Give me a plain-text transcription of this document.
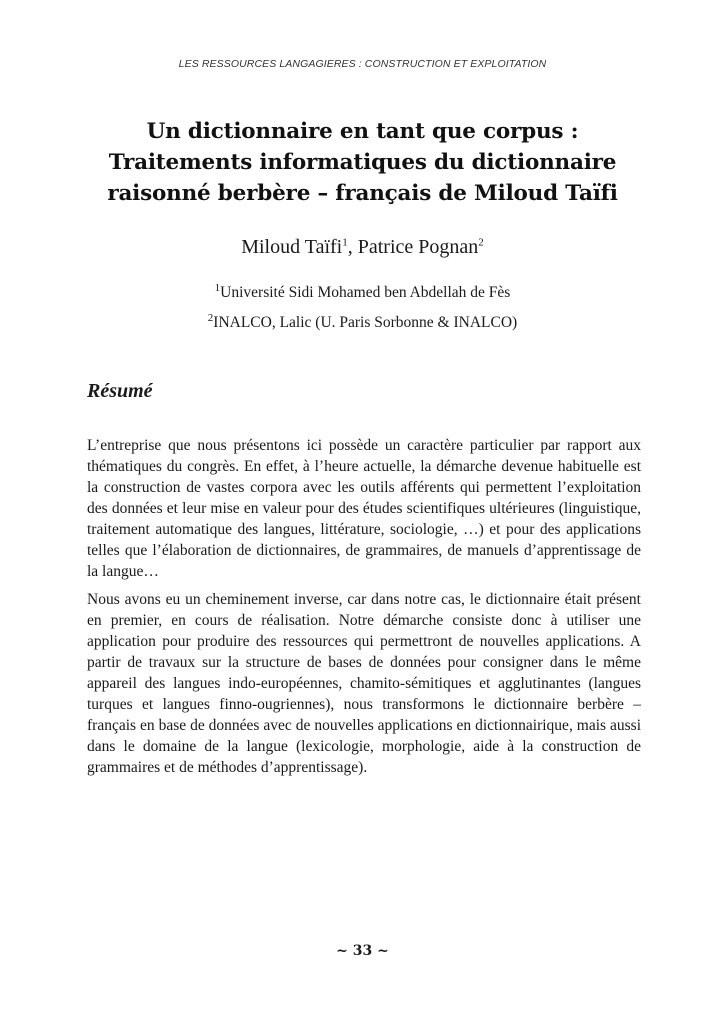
LES RESSOURCES LANGAGIERES : CONSTRUCTION ET EXPLOITATION
Un dictionnaire en tant que corpus :
Traitements informatiques du dictionnaire
raisonné berbère – français de Miloud Taïfi
Miloud Taïfi$^1$, Patrice Pognan$^2$
$^1$Université Sidi Mohamed ben Abdellah de Fès
$^2$INALCO, Lalic (U. Paris Sorbonne & INALCO)
Résumé

L’entreprise que nous présentons ici possède un caractère particulier par rapport aux thématiques du congrès. En effet, à l’heure actuelle, la démarche devenue habituelle est la construction de vastes corpora avec les outils afférents qui permettent l’exploitation des données et leur mise en valeur pour des études scientifiques ultérieures (linguistique, traitement automatique des langues, littérature, sociologie, …) et pour des applications telles que l’élaboration de dictionnaires, de grammaires, de manuels d’apprentissage de la langue…

Nous avons eu un cheminement inverse, car dans notre cas, le dictionnaire était présent en premier, en cours de réalisation. Notre démarche consiste donc à utiliser une application pour produire des ressources qui permettront de nouvelles applications. A partir de travaux sur la structure de bases de données pour consigner dans le même appareil des langues indo-européennes, chamito-sémitiques et agglutinantes (langues turques et langues finno-ougriennes), nous transformons le dictionnaire berbère – français en base de données avec de nouvelles applications en dictionnairique, mais aussi dans le domaine de la langue (lexicologie, morphologie, aide à la construction de grammaires et de méthodes d’apprentissage).

~ 33 ~
